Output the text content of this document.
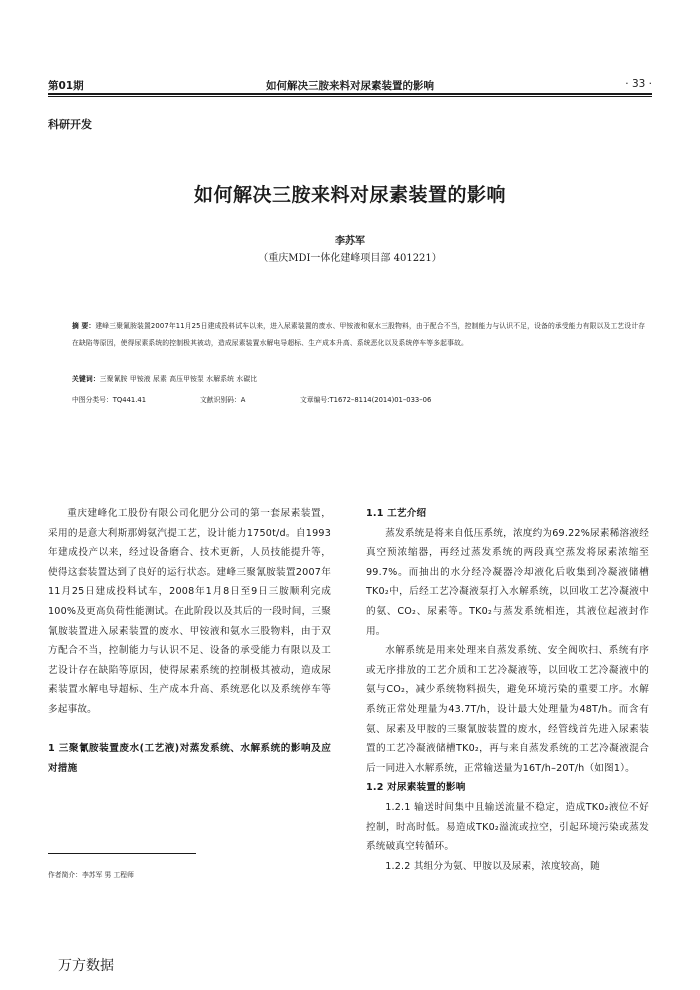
第01期	如何解决三胺来料对尿素装置的影响	· 33 ·
科研开发
如何解决三胺来料对尿素装置的影响
李苏军
（重庆MDI一体化建峰项目部 401221）
摘 要：建峰三聚氰胺装置2007年11月25日建成投料试车以来，进入尿素装置的废水、甲铵液和氨水三股物料，由于配合不当，控制能力与认识不足，设备的承受能力有限以及工艺设计存在缺陷等原因，使得尿素系统的控制极其被动，造成尿素装置水解电导超标、生产成本升高、系统恶化以及系统停车等多起事故。
关键词：三聚氰胺 甲铵液 尿素 高压甲铵泵 水解系统 水碳比
中图分类号：TQ441.41	文献识别码：A	文章编号:T1672–8114(2014)01–033–06

重庆建峰化工股份有限公司化肥分公司的第一套尿素装置，采用的是意大利斯那姆氨汽提工艺，设计能力1750t/d。自1993年建成投产以来，经过设备磨合、技术更新，人员技能提升等，使得这套装置达到了良好的运行状态。建峰三聚氰胺装置2007年11月25日建成投料试车，2008年1月8日至9日三胺顺利完成100%及更高负荷性能测试。在此阶段以及其后的一段时间，三聚氰胺装置进入尿素装置的废水、甲铵液和氨水三股物料，由于双方配合不当，控制能力与认识不足、设备的承受能力有限以及工艺设计存在缺陷等原因，使得尿素系统的控制极其被动，造成尿素装置水解电导超标、生产成本升高、系统恶化以及系统停车等多起事故。

1 三聚氰胺装置废水(工艺液)对蒸发系统、水解系统的影响及应对措施

作者简介：李苏军 男 工程师

1.1 工艺介绍

蒸发系统是将来自低压系统，浓度约为69.22%尿素稀溶液经真空预浓缩器，再经过蒸发系统的两段真空蒸发将尿素浓缩至99.7%。而抽出的水分经冷凝器冷却液化后收集到冷凝液储槽TK0₂中，后经工艺冷凝液泵打入水解系统，以回收工艺冷凝液中的氨、CO₂、尿素等。TK0₂与蒸发系统相连，其液位起液封作用。

水解系统是用来处理来自蒸发系统、安全阀吹扫、系统有序或无序排放的工艺介质和工艺冷凝液等，以回收工艺冷凝液中的氨与CO₂，减少系统物料损失，避免环境污染的重要工序。水解系统正常处理量为43.7T/h，设计最大处理量为48T/h。而含有氨、尿素及甲胺的三聚氰胺装置的废水，经管线首先进入尿素装置的工艺冷凝液储槽TK0₂，再与来自蒸发系统的工艺冷凝液混合后一同进入水解系统，正常输送量为16T/h–20T/h（如图1）。

1.2 对尿素装置的影响

1.2.1 输送时间集中且输送流量不稳定，造成TK0₂液位不好控制，时高时低。易造成TK0₂溢流或拉空，引起环境污染或蒸发系统破真空转循环。

1.2.2 其组分为氨、甲胺以及尿素，浓度较高，随

万方数据
